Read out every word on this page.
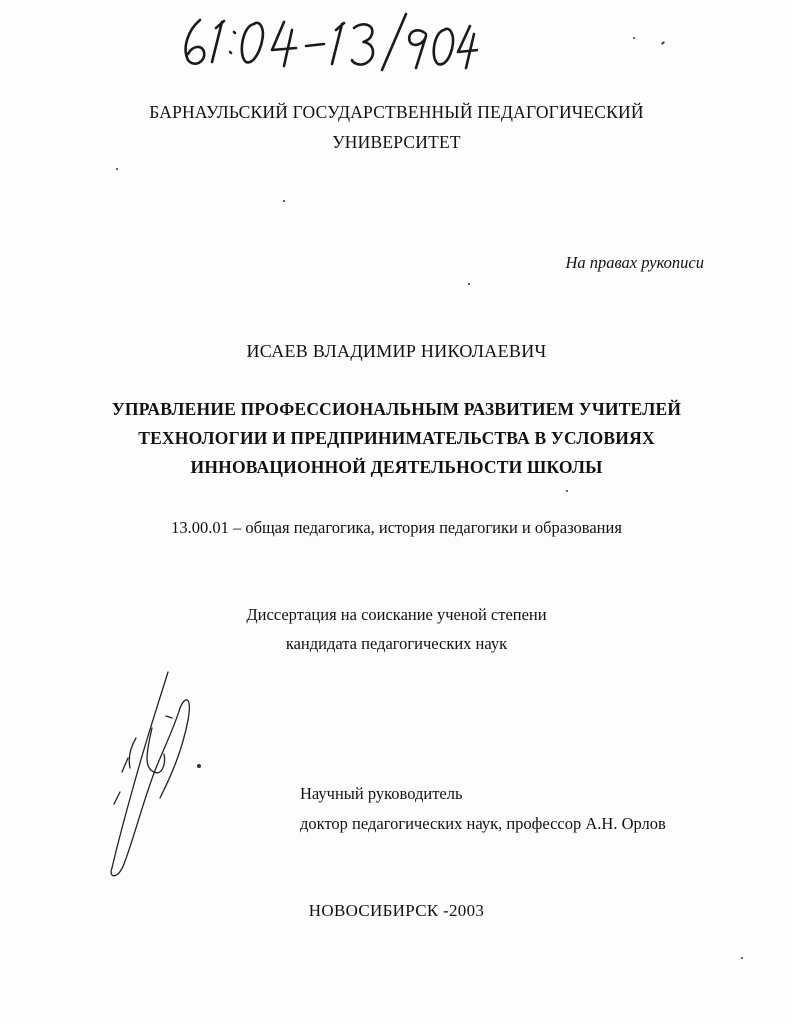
61:04-13/904
БАРНАУЛЬСКИЙ ГОСУДАРСТВЕННЫЙ ПЕДАГОГИЧЕСКИЙ
УНИВЕРСИТЕТ
На правах рукописи
ИСАЕВ ВЛАДИМИР НИКОЛАЕВИЧ
УПРАВЛЕНИЕ ПРОФЕССИОНАЛЬНЫМ РАЗВИТИЕМ УЧИТЕЛЕЙ
ТЕХНОЛОГИИ И ПРЕДПРИНИМАТЕЛЬСТВА В УСЛОВИЯХ
ИННОВАЦИОННОЙ ДЕЯТЕЛЬНОСТИ ШКОЛЫ
13.00.01 – общая педагогика, история педагогики и образования
Диссертация на соискание ученой степени
кандидата педагогических наук
Научный руководитель
доктор педагогических наук, профессор А.Н. Орлов
НОВОСИБИРСК -2003
